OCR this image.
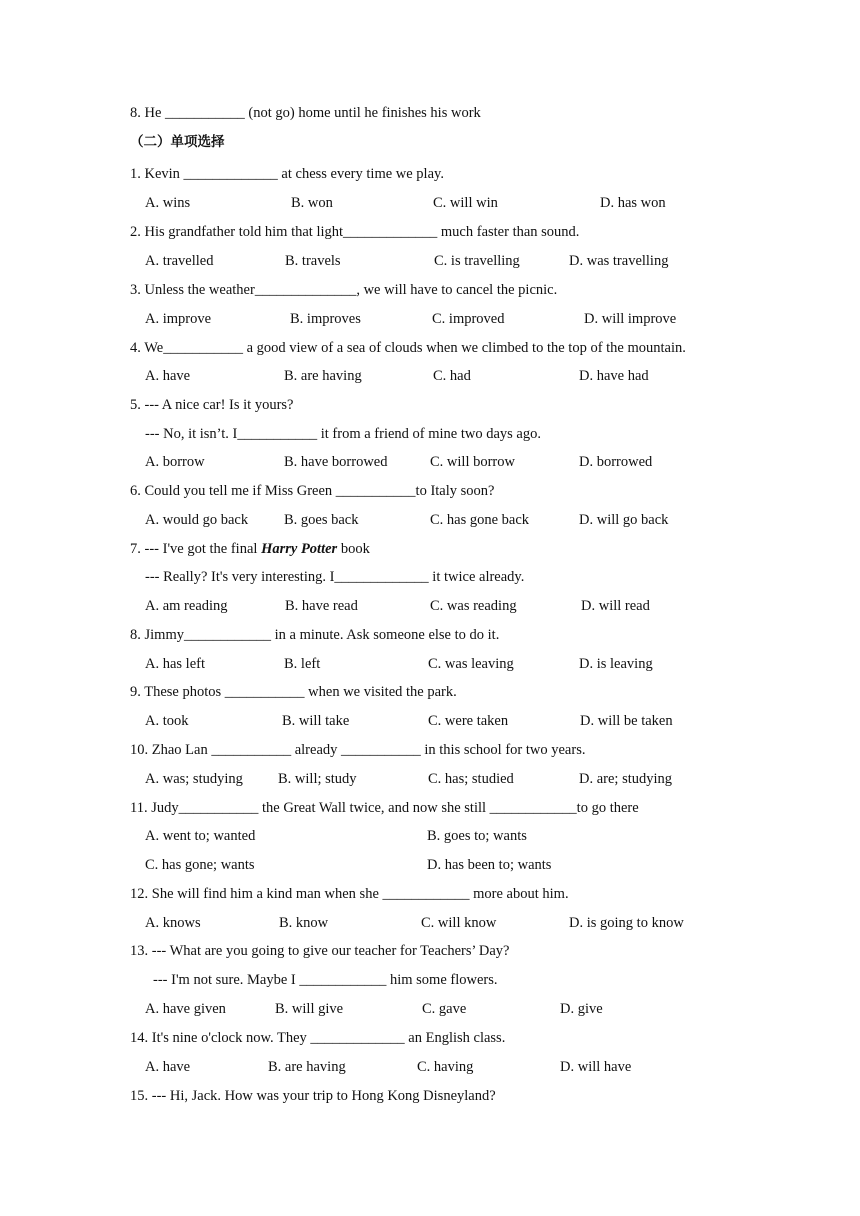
8. He ___________ (not go) home until he finishes his work
（二）单项选择
1. Kevin _____________ at chess every time we play.
A. wins	B. won	C. will win	D. has won
2. His grandfather told him that light_____________ much faster than sound.
A. travelled	B. travels	C. is travelling	D. was travelling
3. Unless the weather______________, we will have to cancel the picnic.
A. improve	B. improves	C. improved	D. will improve
4. We___________ a good view of a sea of clouds when we climbed to the top of the mountain.
A. have	B. are having	C. had	D. have had
5. --- A nice car! Is it yours?
--- No, it isn’t. I___________ it from a friend of mine two days ago.
A. borrow	B. have borrowed	C. will borrow	D. borrowed
6. Could you tell me if Miss Green ___________to Italy soon?
A. would go back B. goes back	C. has gone back	D. will go back
7. --- I've got the final Harry Potter book
--- Really? It's very interesting. I_____________ it twice already.
A. am reading	B. have read	C. was reading	D. will read
8. Jimmy____________ in a minute. Ask someone else to do it.
A. has left	B. left	C. was leaving	D. is leaving
9. These photos ___________ when we visited the park.
A. took	B. will take	C. were taken	D. will be taken
10. Zhao Lan ___________ already ___________ in this school for two years.
A. was; studying B. will; study	C. has; studied	D. are; studying
11. Judy___________ the Great Wall twice, and now she still ____________to go there
A. went to; wanted	B. goes to; wants
C. has gone; wants	D. has been to; wants
12. She will find him a kind man when she ____________ more about him.
A. knows	B. know	C. will know	D. is going to know
13. --- What are you going to give our teacher for Teachers’ Day?
--- I'm not sure. Maybe I ____________ him some flowers.
A. have given	B. will give	C. gave	D. give
14. It's nine o'clock now. They _____________ an English class.
A. have	B. are having	C. having	D. will have
15. --- Hi, Jack. How was your trip to Hong Kong Disneyland?
